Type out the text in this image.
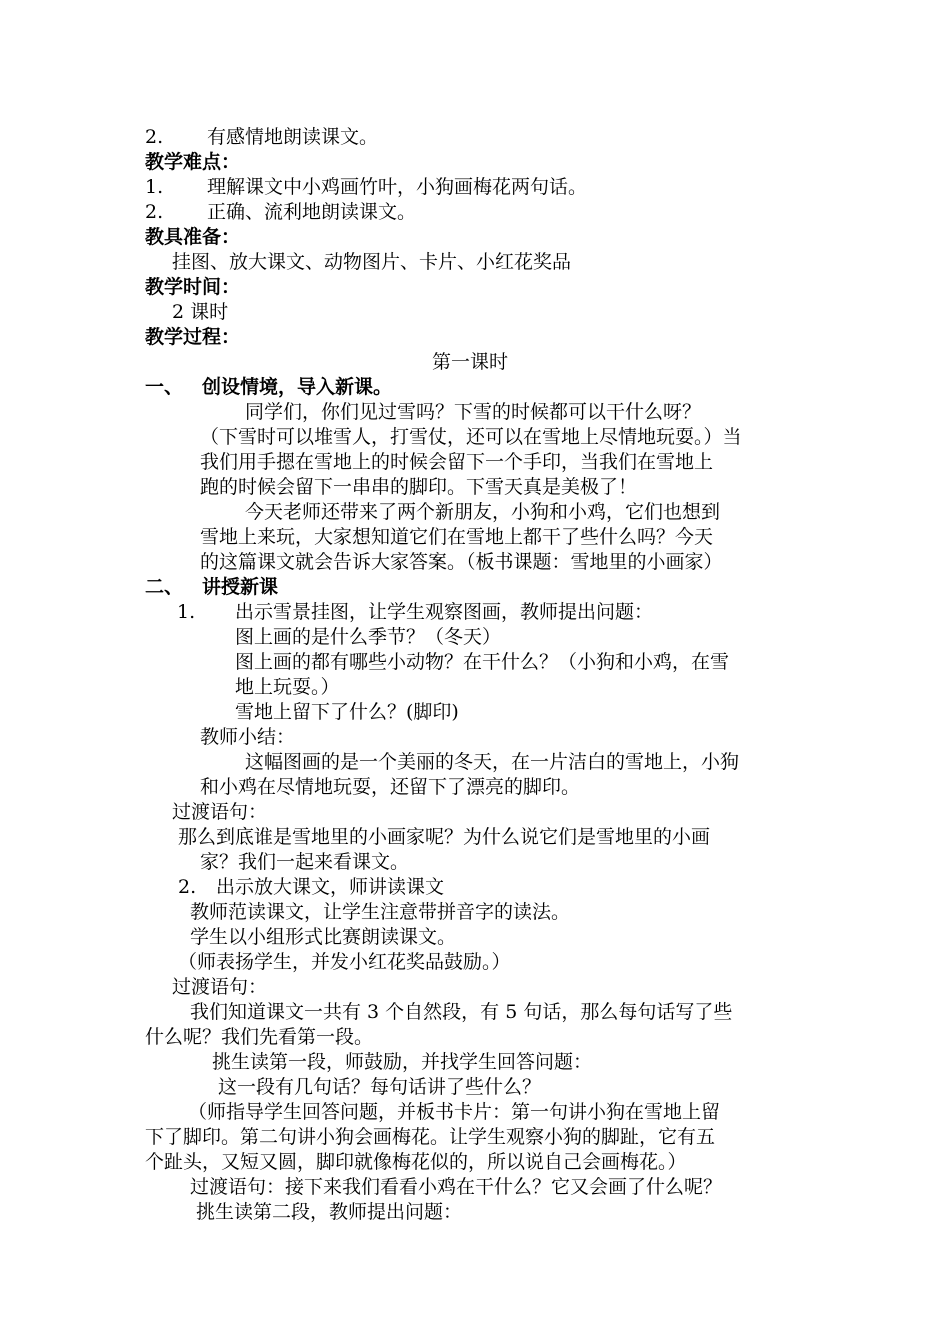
2. 有感情地朗读课文。
教学难点：
1. 理解课文中小鸡画竹叶，小狗画梅花两句话。
2. 正确、流利地朗读课文。
教具准备：
挂图、放大课文、动物图片、卡片、小红花奖品
教学时间：
2 课时
教学过程：
第一课时
一、 创设情境，导入新课。
同学们，你们见过雪吗？下雪的时候都可以干什么呀？
（下雪时可以堆雪人，打雪仗，还可以在雪地上尽情地玩耍。）当
我们用手摁在雪地上的时候会留下一个手印，当我们在雪地上
跑的时候会留下一串串的脚印。下雪天真是美极了！
今天老师还带来了两个新朋友，小狗和小鸡，它们也想到
雪地上来玩，大家想知道它们在雪地上都干了些什么吗？今天
的这篇课文就会告诉大家答案。（板书课题：雪地里的小画家）
二、 讲授新课
1. 出示雪景挂图，让学生观察图画，教师提出问题：
图上画的是什么季节？（冬天）
图上画的都有哪些小动物？在干什么？（小狗和小鸡，在雪
地上玩耍。）
雪地上留下了什么？(脚印)
教师小结：
这幅图画的是一个美丽的冬天，在一片洁白的雪地上，小狗
和小鸡在尽情地玩耍，还留下了漂亮的脚印。
过渡语句：
那么到底谁是雪地里的小画家呢？为什么说它们是雪地里的小画
家？我们一起来看课文。
2. 出示放大课文，师讲读课文
教师范读课文，让学生注意带拼音字的读法。
学生以小组形式比赛朗读课文。
（师表扬学生，并发小红花奖品鼓励。）
过渡语句：
我们知道课文一共有 3 个自然段，有 5 句话，那么每句话写了些
什么呢？我们先看第一段。
挑生读第一段，师鼓励，并找学生回答问题：
这一段有几句话？每句话讲了些什么？
（师指导学生回答问题，并板书卡片：第一句讲小狗在雪地上留
下了脚印。第二句讲小狗会画梅花。让学生观察小狗的脚趾，它有五
个趾头，又短又圆，脚印就像梅花似的，所以说自己会画梅花。）
过渡语句：接下来我们看看小鸡在干什么？它又会画了什么呢？
挑生读第二段，教师提出问题：
